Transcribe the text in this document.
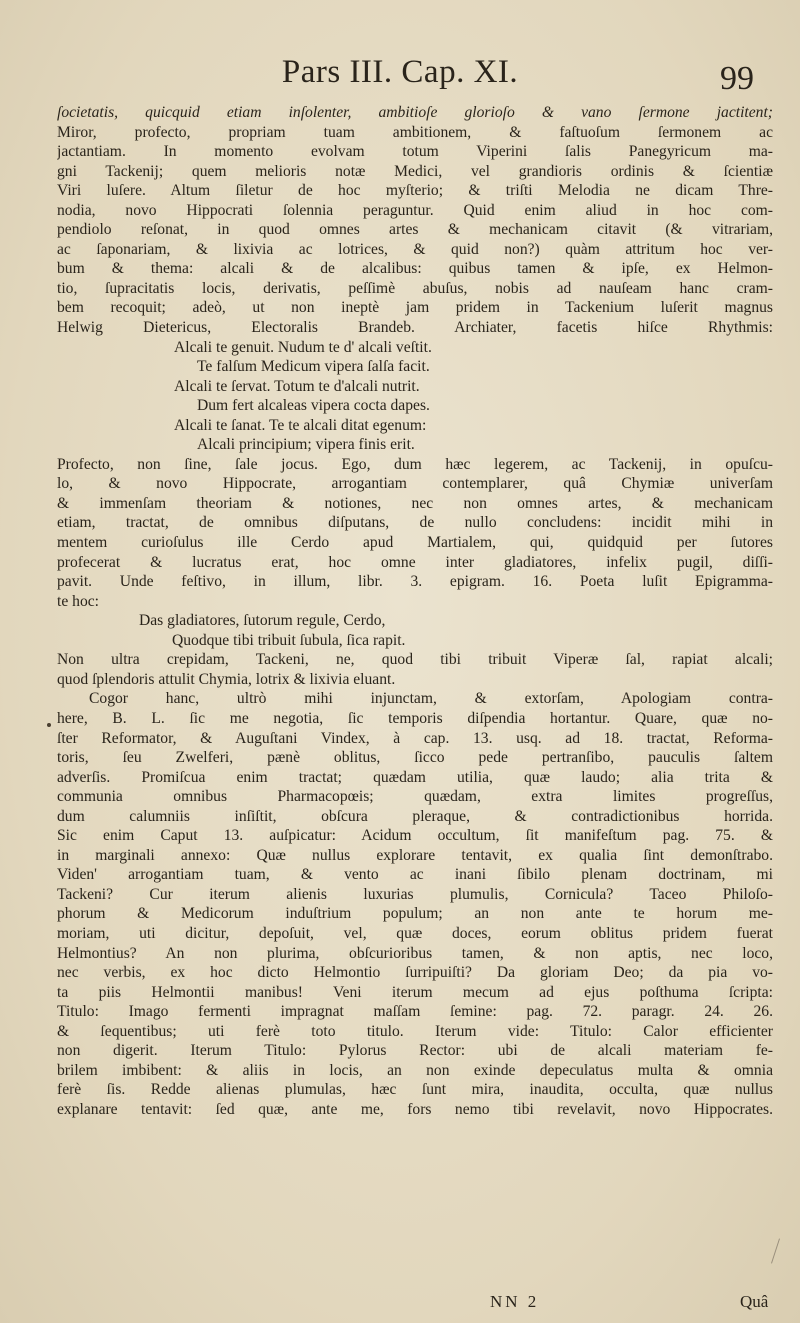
Pars III. Cap. XI.	99
ſocietatis, quicquid etiam inſolenter, ambitioſe glorioſo & vano ſermone jactitent;
Miror, profecto, propriam tuam ambitionem, & faſtuoſum ſermonem ac
jactantiam. In momento evolvam totum Viperini ſalis Panegyricum ma-
gni Tackenij; quem melioris notæ Medici, vel grandioris ordinis & ſcientiæ
Viri luſere. Altum ſiletur de hoc myſterio; & triſti Melodia ne dicam Thre-
nodia, novo Hippocrati ſolennia peraguntur. Quid enim aliud in hoc com-
pendiolo reſonat, in quod omnes artes & mechanicam citavit (& vitrariam,
ac ſaponariam, & lixivia ac lotrices, & quid non?) quàm attritum hoc ver-
bum & thema: alcali & de alcalibus: quibus tamen & ipſe, ex Helmon-
tio, ſupracitatis locis, derivatis, peſſimè abuſus, nobis ad nauſeam hanc cram-
bem recoquit; adeò, ut non ineptè jam pridem in Tackenium luſerit magnus
Helwig Dietericus, Electoralis Brandeb. Archiater, facetis hiſce Rhythmis:
Alcali te genuit. Nudum te d' alcali veſtit.
Te falſum Medicum vipera ſalſa facit.
Alcali te ſervat. Totum te d'alcali nutrit.
Dum fert alcaleas vipera cocta dapes.
Alcali te ſanat. Te te alcali ditat egenum:
Alcali principium; vipera finis erit.
Profecto, non ſine, ſale jocus. Ego, dum hæc legerem, ac Tackenij, in opuſcu-
lo, & novo Hippocrate, arrogantiam contemplarer, quâ Chymiæ univerſam
& immenſam theoriam & notiones, nec non omnes artes, & mechanicam
etiam, tractat, de omnibus diſputans, de nullo concludens: incidit mihi in
mentem curioſulus ille Cerdo apud Martialem, qui, quidquid per ſutores
profecerat & lucratus erat, hoc omne inter gladiatores, infelix pugil, diſſi-
pavit. Unde feſtivo, in illum, libr. 3. epigram. 16. Poeta luſit Epigramma-
te hoc:
Das gladiatores, ſutorum regule, Cerdo,
Quodque tibi tribuit ſubula, ſica rapit.
Non ultra crepidam, Tackeni, ne, quod tibi tribuit Viperæ ſal, rapiat alcali;
quod ſplendoris attulit Chymia, lotrix & lixivia eluant.
Cogor hanc, ultrò mihi injunctam, & extorſam, Apologiam contra-
here, B. L. ſic me negotia, ſic temporis diſpendia hortantur. Quare, quæ no-
ſter Reformator, & Auguſtani Vindex, à cap. 13. usq. ad 18. tractat, Reforma-
toris, ſeu Zwelferi, pænè oblitus, ſicco pede pertranſibo, pauculis ſaltem
adverſis. Promiſcua enim tractat; quædam utilia, quæ laudo; alia trita &
communia omnibus Pharmacopœis; quædam, extra limites progreſſus,
dum calumniis inſiſtit, obſcura pleraque, & contradictionibus horrida.
Sic enim Caput 13. auſpicatur: Acidum occultum, ſit manifeſtum pag. 75. &
in marginali annexo: Quæ nullus explorare tentavit, ex qualia ſint demonſtrabo.
Viden' arrogantiam tuam, & vento ac inani ſibilo plenam doctrinam, mi
Tackeni? Cur iterum alienis luxurias plumulis, Cornicula? Taceo Philoſo-
phorum & Medicorum induſtrium populum; an non ante te horum me-
moriam, uti dicitur, depoſuit, vel, quæ doces, eorum oblitus pridem fuerat
Helmontius? An non plurima, obſcurioribus tamen, & non aptis, nec loco,
nec verbis, ex hoc dicto Helmontio ſurripuiſti? Da gloriam Deo; da pia vo-
ta piis Helmontii manibus! Veni iterum mecum ad ejus poſthuma ſcripta:
Titulo: Imago fermenti impragnat maſſam ſemine: pag. 72. paragr. 24. 26.
& ſequentibus; uti ferè toto titulo. Iterum vide: Titulo: Calor efficienter
non digerit. Iterum Titulo: Pylorus Rector: ubi de alcali materiam fe-
brilem imbibent: & aliis in locis, an non exinde depeculatus multa & omnia
ferè ſis. Redde alienas plumulas, hæc ſunt mira, inaudita, occulta, quæ nullus
explanare tentavit: ſed quæ, ante me, fors nemo tibi revelavit, novo Hippocrates.
NN 2	Quâ
